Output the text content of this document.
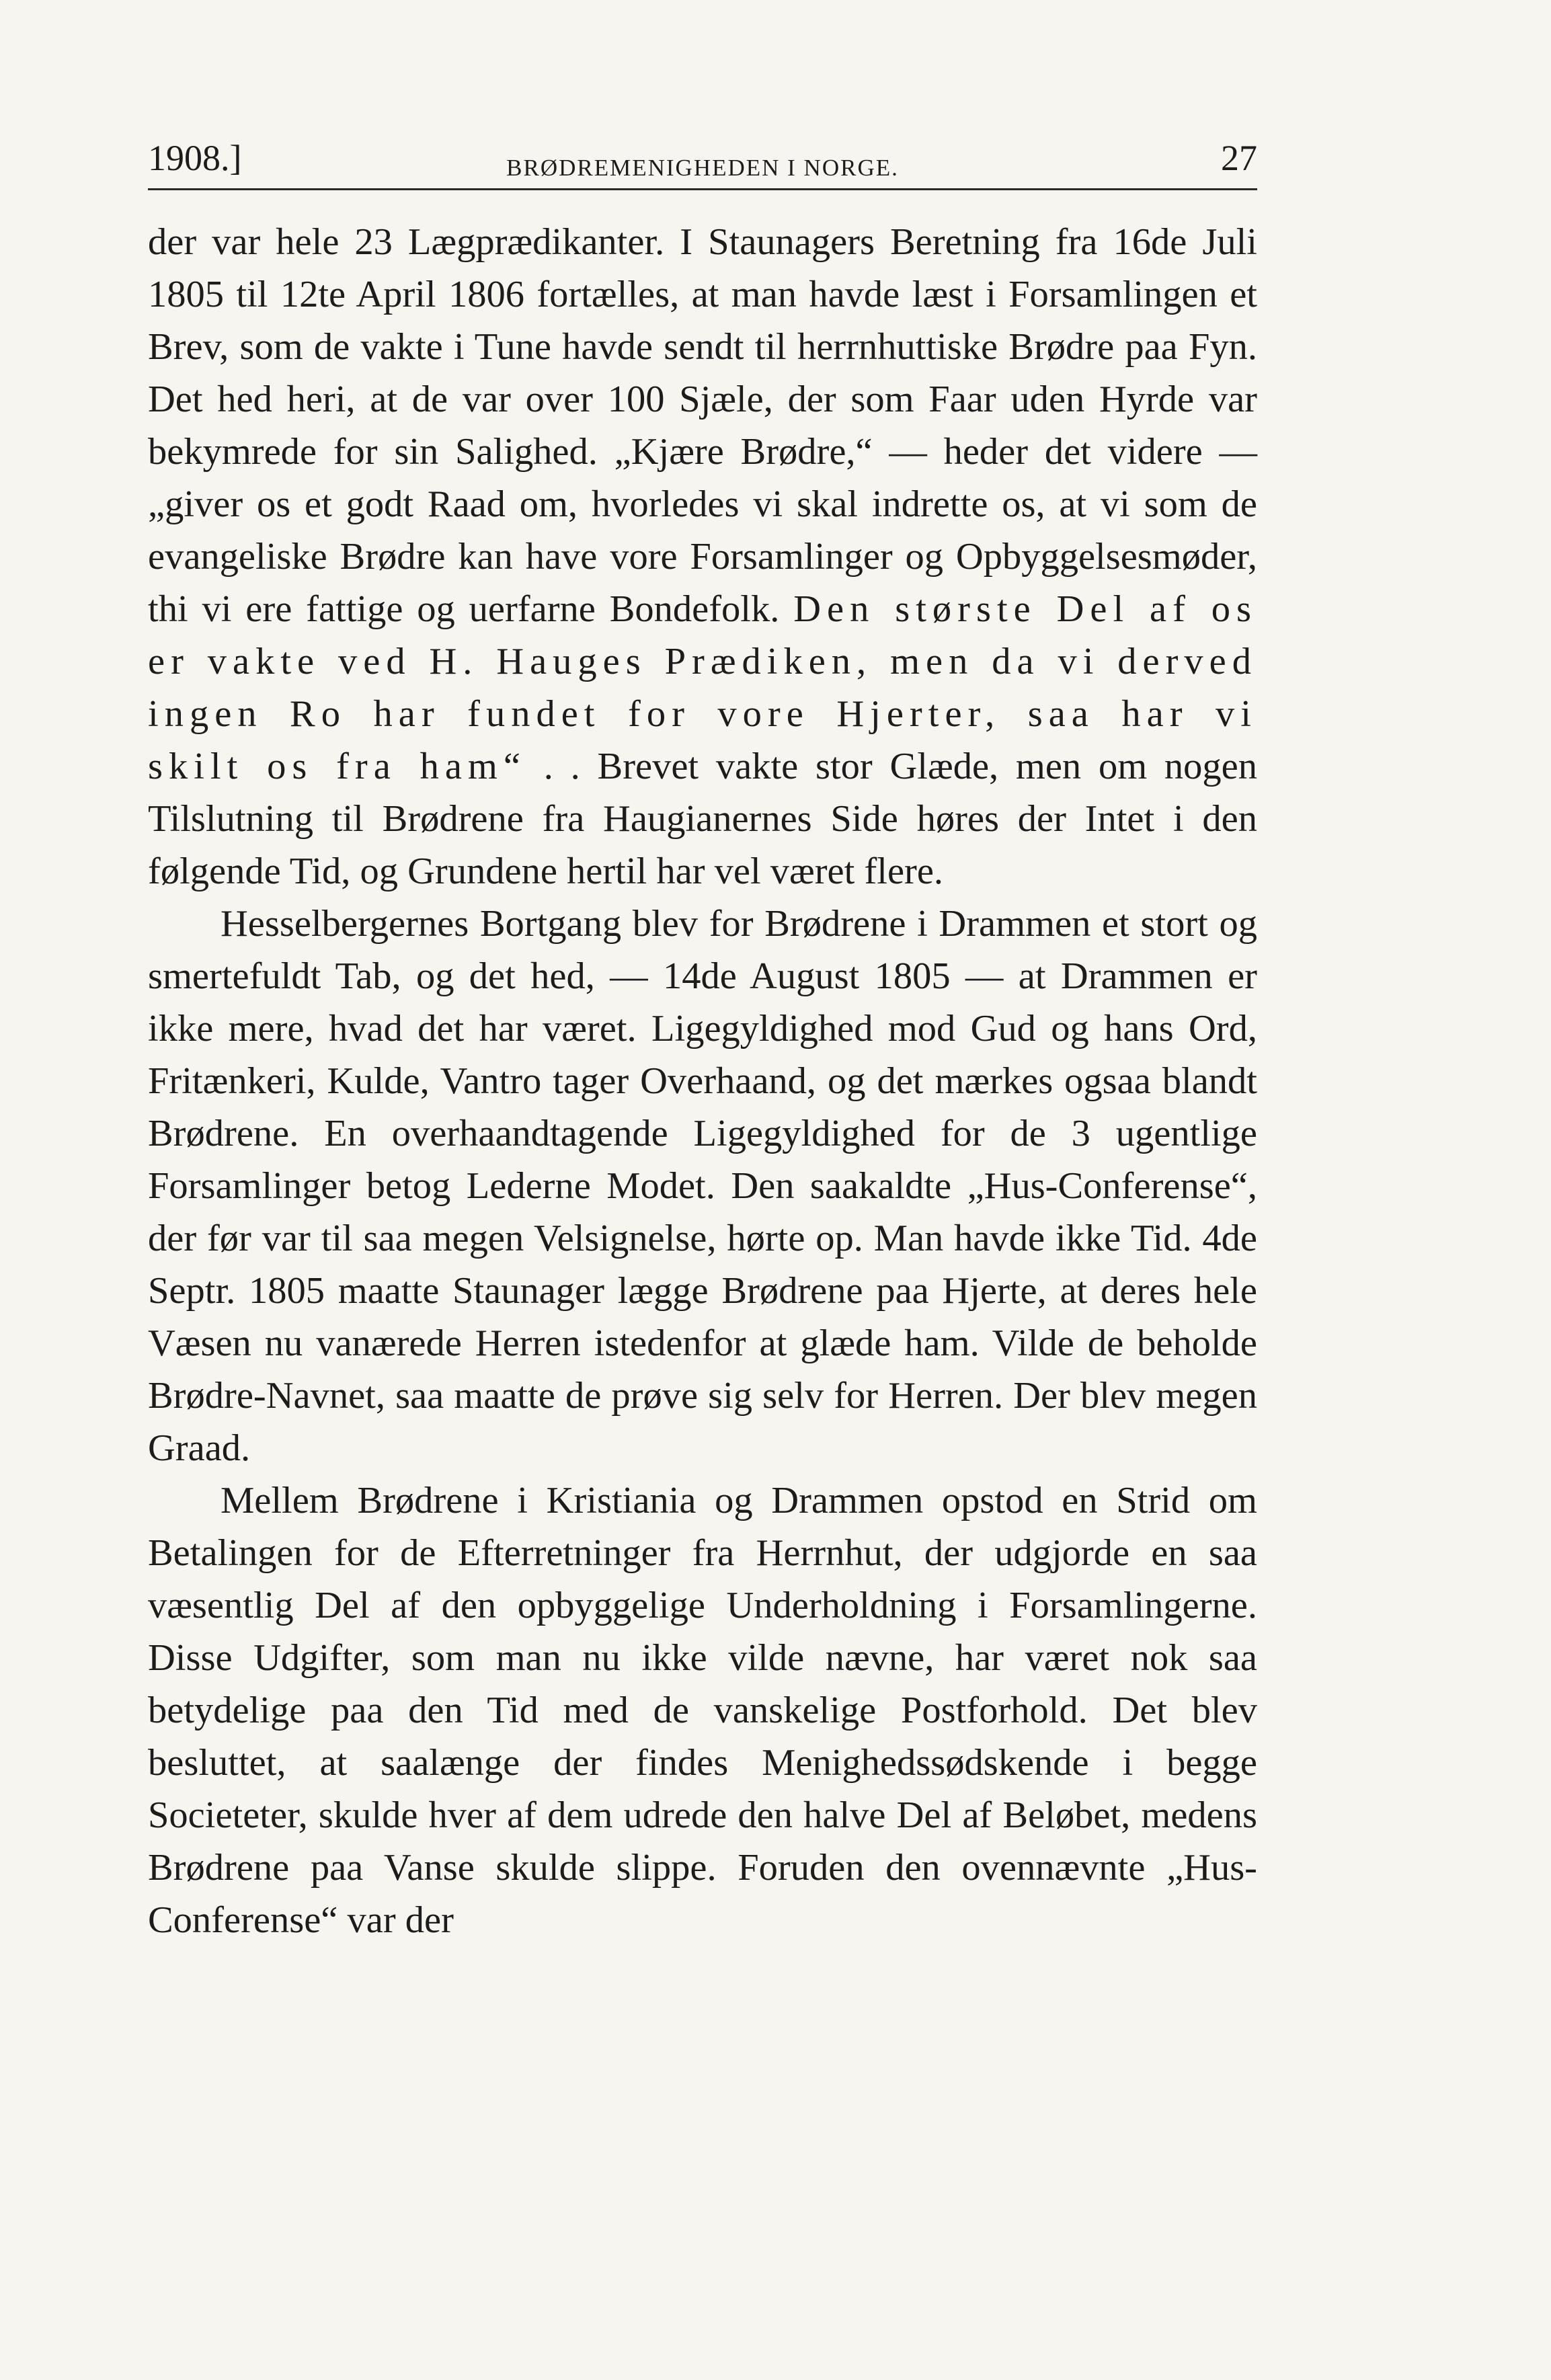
1908.]	BRØDREMENIGHEDEN I NORGE.	27

der var hele 23 Lægprædikanter. I Staunagers Beretning fra 16de Juli 1805 til 12te April 1806 fortælles, at man havde læst i Forsamlingen et Brev, som de vakte i Tune havde sendt til herrnhuttiske Brødre paa Fyn. Det hed heri, at de var over 100 Sjæle, der som Faar uden Hyrde var bekymrede for sin Salighed. „Kjære Brødre,“ — heder det videre — „giver os et godt Raad om, hvorledes vi skal indrette os, at vi som de evangeliske Brødre kan have vore Forsamlinger og Opbyggelsesmøder, thi vi ere fattige og uerfarne Bondefolk. Den største Del af os er vakte ved H. Hauges Prædiken, men da vi derved ingen Ro har fundet for vore Hjerter, saa har vi skilt os fra ham“ . . Brevet vakte stor Glæde, men om nogen Tilslutning til Brødrene fra Haugianernes Side høres der Intet i den følgende Tid, og Grundene hertil har vel været flere.

Hesselbergernes Bortgang blev for Brødrene i Drammen et stort og smertefuldt Tab, og det hed, — 14de August 1805 — at Drammen er ikke mere, hvad det har været. Ligegyldighed mod Gud og hans Ord, Fritænkeri, Kulde, Vantro tager Overhaand, og det mærkes ogsaa blandt Brødrene. En overhaandtagende Ligegyldighed for de 3 ugentlige Forsamlinger betog Lederne Modet. Den saakaldte „Hus-Conferense“, der før var til saa megen Velsignelse, hørte op. Man havde ikke Tid. 4de Septr. 1805 maatte Staunager lægge Brødrene paa Hjerte, at deres hele Væsen nu vanærede Herren istedenfor at glæde ham. Vilde de beholde Brødre-Navnet, saa maatte de prøve sig selv for Herren. Der blev megen Graad.

Mellem Brødrene i Kristiania og Drammen opstod en Strid om Betalingen for de Efterretninger fra Herrnhut, der udgjorde en saa væsentlig Del af den opbyggelige Underholdning i Forsamlingerne. Disse Udgifter, som man nu ikke vilde nævne, har været nok saa betydelige paa den Tid med de vanskelige Postforhold. Det blev besluttet, at saalænge der findes Menighedssødskende i begge Societeter, skulde hver af dem udrede den halve Del af Beløbet, medens Brødrene paa Vanse skulde slippe. Foruden den ovennævnte „Hus-Conferense“ var der
